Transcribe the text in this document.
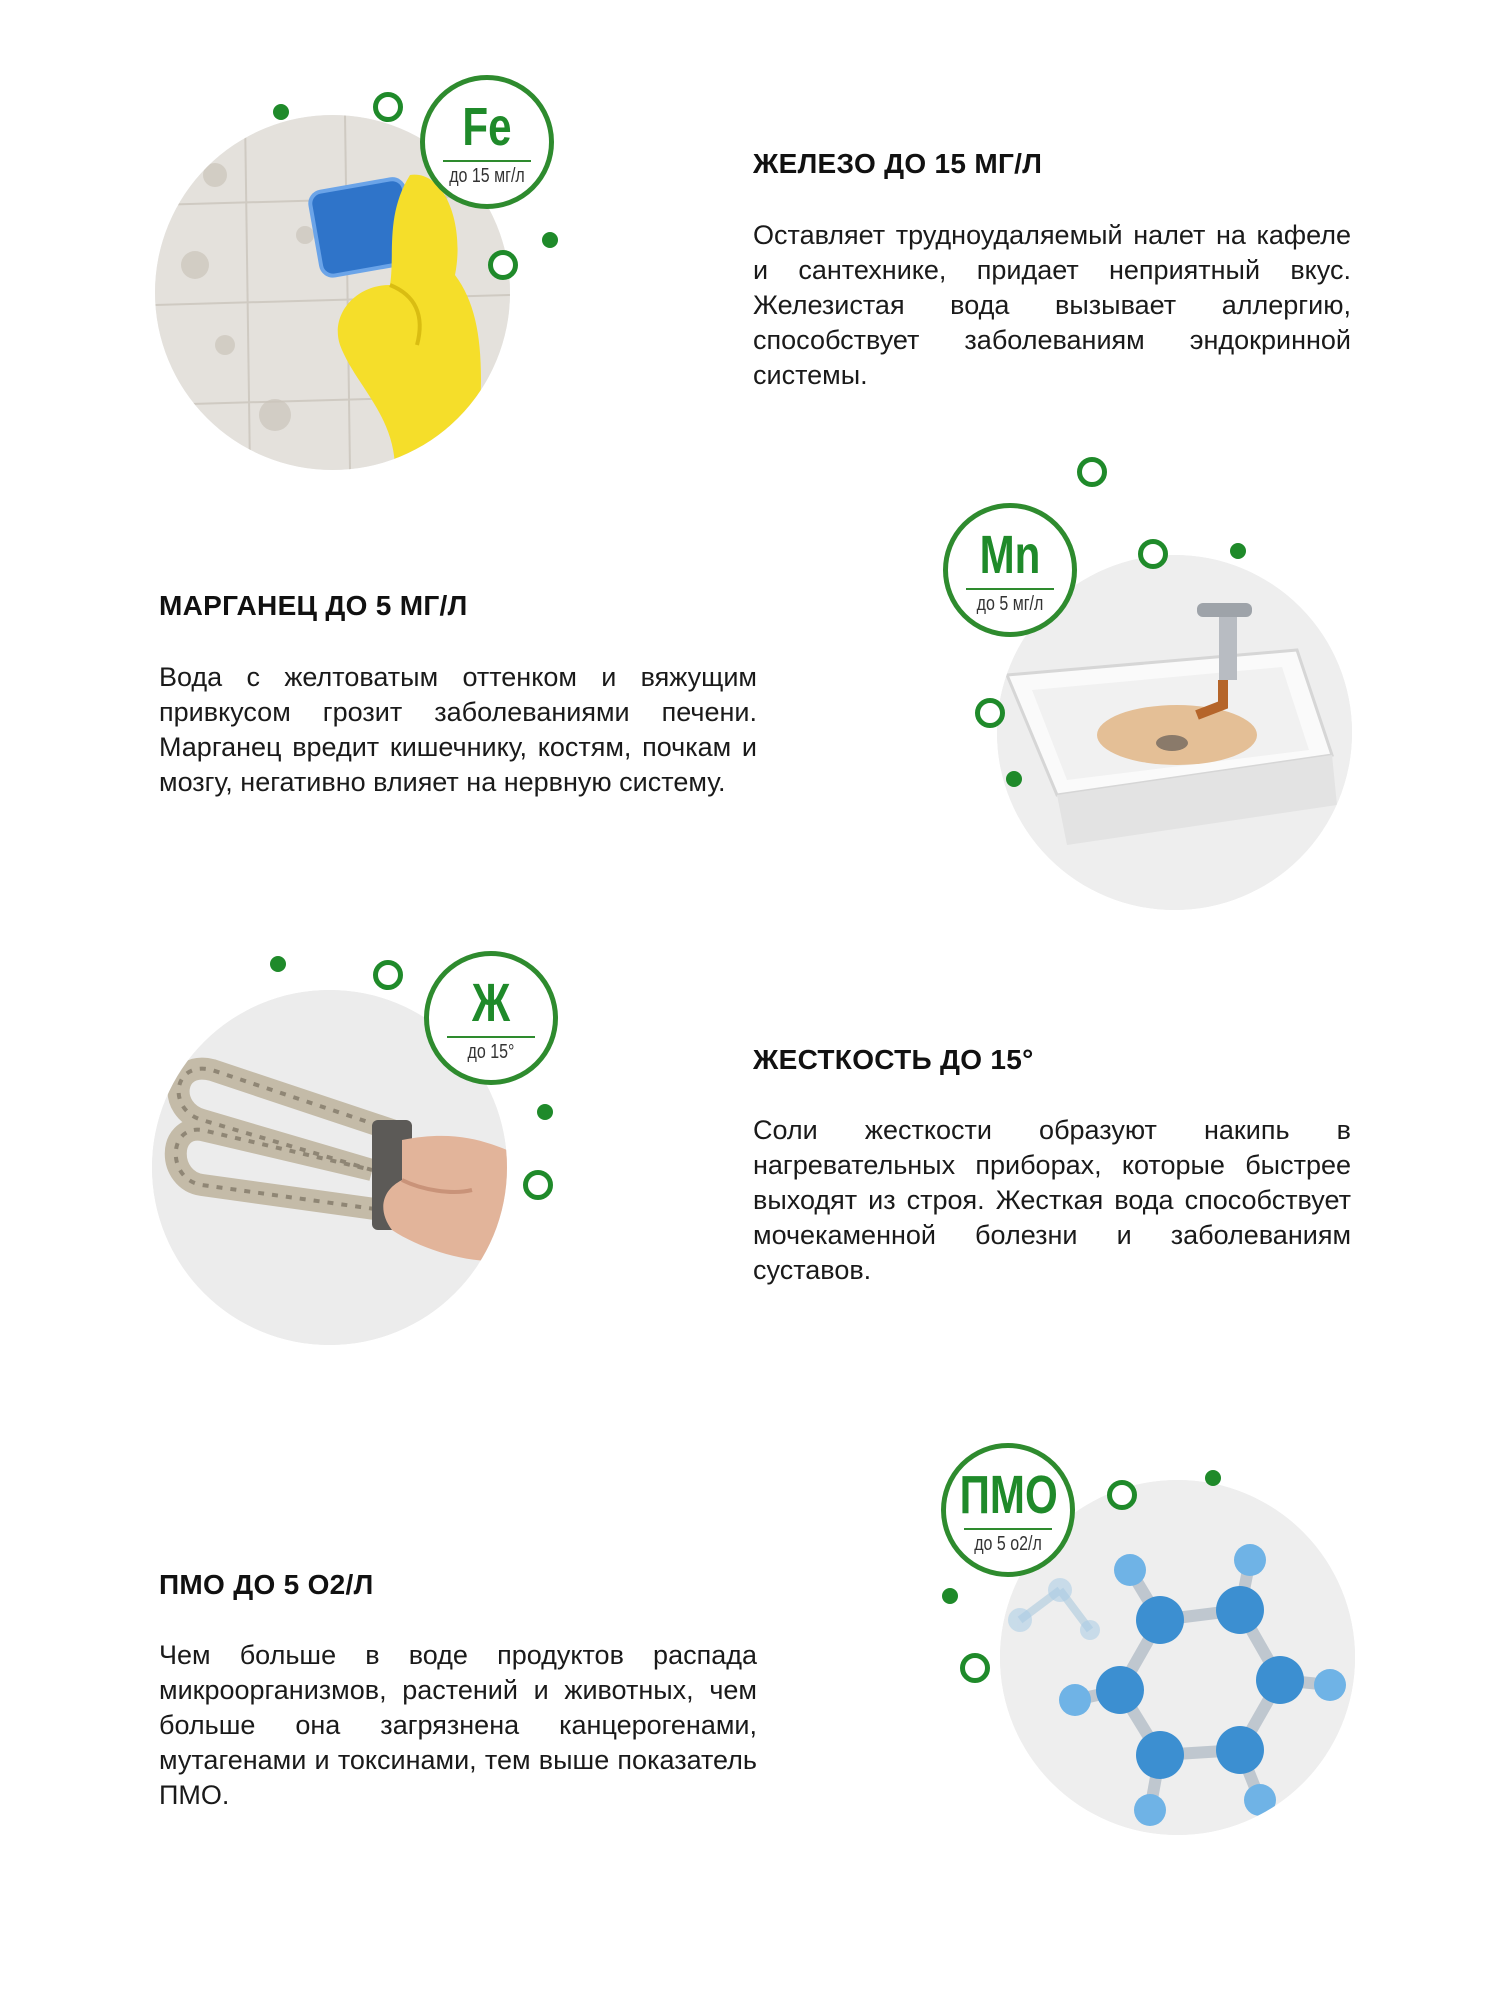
Fe
до 15 мг/л	ЖЕЛЕЗО ДО 15 МГ/Л

Оставляет трудноудаляемый налет на кафеле и сантехнике, придает неприятный вкус. Железистая вода вызывает аллергию, способствует заболеваниям эндокринной системы.

Mn
до 5 мг/л
МАРГАНЕЦ ДО 5 МГ/Л

Вода с желтоватым оттенком и вяжущим привкусом грозит заболеваниями печени. Марганец вредит кишечнику, костям, почкам и мозгу, негативно влияет на нервную систему.

Ж
до 15°	ЖЕСТКОСТЬ ДО 15°

Соли жесткости образуют накипь в нагревательных приборах, которые быстрее выходят из строя. Жесткая вода способствует мочекаменной болезни и заболеваниям суставов.

ПМО
до 5 о2/л
ПМО ДО 5 О2/Л

Чем больше в воде продуктов распада микроорганизмов, растений и животных, чем больше она загрязнена канцерогенами, мутагенами и токсинами, тем выше показатель ПМО.
